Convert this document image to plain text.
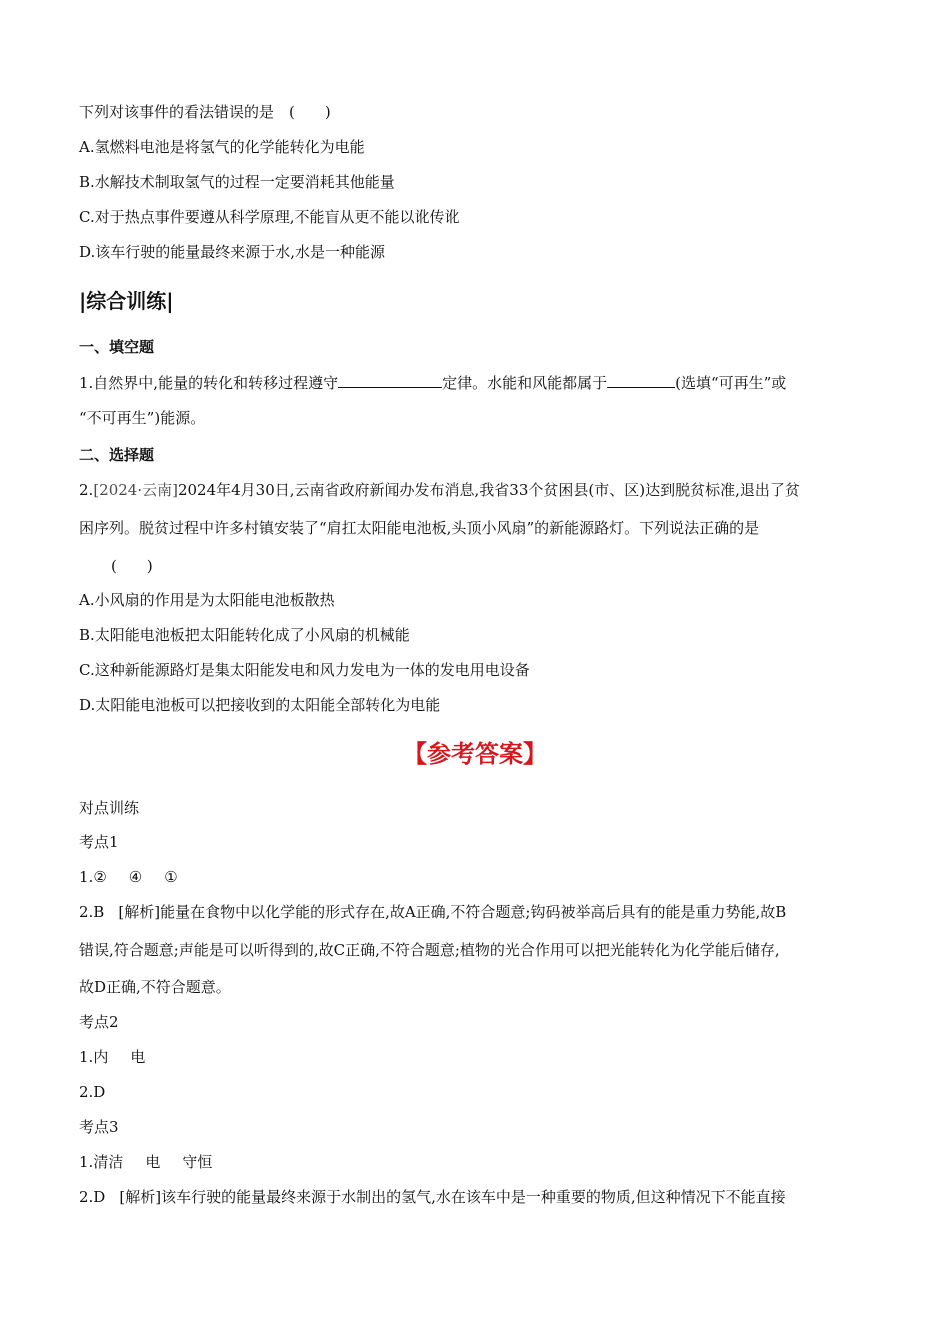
下列对该事件的看法错误的是　(　　)
A.氢燃料电池是将氢气的化学能转化为电能
B.水解技术制取氢气的过程一定要消耗其他能量
C.对于热点事件要遵从科学原理,不能盲从更不能以讹传讹
D.该车行驶的能量最终来源于水,水是一种能源
|综合训练|
一、填空题
1.自然界中,能量的转化和转移过程遵守	定律。水能和风能都属于	(选填“可再生”或
“不可再生”)能源。
二、选择题
2.[2024·云南]2024年4月30日,云南省政府新闻办发布消息,我省33个贫困县(市、区)达到脱贫标准,退出了贫
困序列。脱贫过程中许多村镇安装了“肩扛太阳能电池板,头顶小风扇”的新能源路灯。下列说法正确的是
(　　)
A.小风扇的作用是为太阳能电池板散热
B.太阳能电池板把太阳能转化成了小风扇的机械能
C.这种新能源路灯是集太阳能发电和风力发电为一体的发电用电设备
D.太阳能电池板可以把接收到的太阳能全部转化为电能
【参考答案】
对点训练
考点1
1.② ④ ①
2.B [解析]能量在食物中以化学能的形式存在,故A正确,不符合题意;钩码被举高后具有的能是重力势能,故B
错误,符合题意;声能是可以听得到的,故C正确,不符合题意;植物的光合作用可以把光能转化为化学能后储存,
故D正确,不符合题意。
考点2
1.内 电
2.D
考点3
1.清洁 电 守恒
2.D [解析]该车行驶的能量最终来源于水制出的氢气,水在该车中是一种重要的物质,但这种情况下不能直接
